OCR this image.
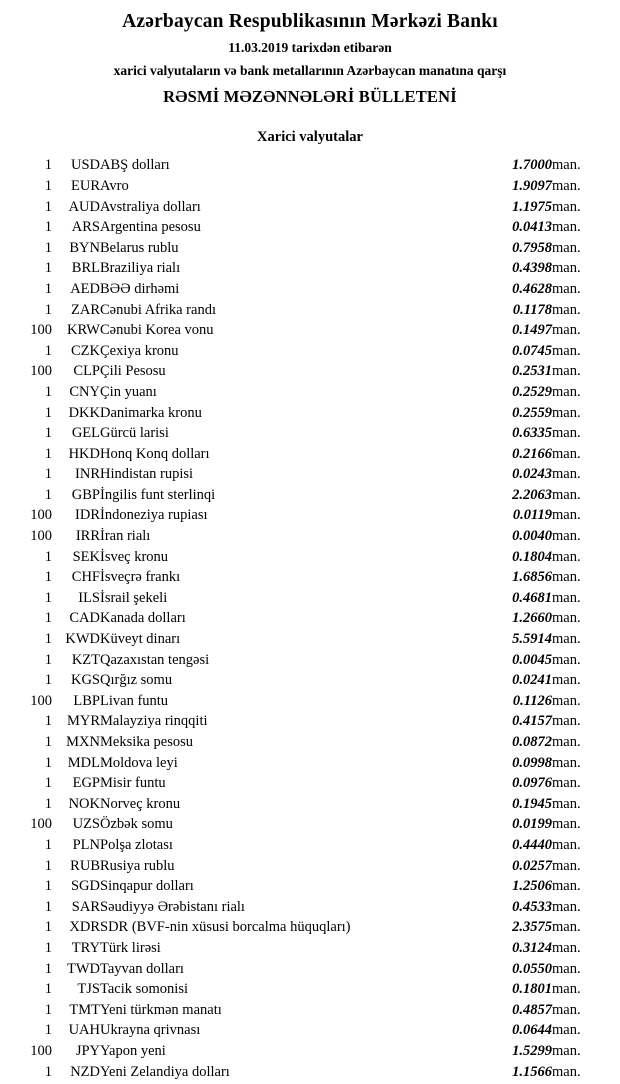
Azərbaycan Respublikasının Mərkəzi Bankı
11.03.2019 tarixdən etibarən
xarici valyutaların və bank metallarının Azərbaycan manatına qarşı
RƏSMİ MƏZƏNNƏLƏRİ BÜLLETENİ
Xarici valyutalar
1	USD	ABŞ dolları	1.7000	man.
1	EUR	Avro	1.9097	man.
1	AUD	Avstraliya dolları	1.1975	man.
1	ARS	Argentina pesosu	0.0413	man.
1	BYN	Belarus rublu	0.7958	man.
1	BRL	Braziliya rialı	0.4398	man.
1	AED	BƏƏ dirhəmi	0.4628	man.
1	ZAR	Cənubi Afrika randı	0.1178	man.
100	KRW	Cənubi Korea vonu	0.1497	man.
1	CZK	Çexiya kronu	0.0745	man.
100	CLP	Çili Pesosu	0.2531	man.
1	CNY	Çin yuanı	0.2529	man.
1	DKK	Danimarka kronu	0.2559	man.
1	GEL	Gürcü larisi	0.6335	man.
1	HKD	Honq Konq dolları	0.2166	man.
1	INR	Hindistan rupisi	0.0243	man.
1	GBP	İngilis funt sterlinqi	2.2063	man.
100	IDR	İndoneziya rupiası	0.0119	man.
100	IRR	İran rialı	0.0040	man.
1	SEK	İsveç kronu	0.1804	man.
1	CHF	İsveçrə frankı	1.6856	man.
1	ILS	İsrail şekeli	0.4681	man.
1	CAD	Kanada dolları	1.2660	man.
1	KWD	Küveyt dinarı	5.5914	man.
1	KZT	Qazaxıstan tengəsi	0.0045	man.
1	KGS	Qırğız somu	0.0241	man.
100	LBP	Livan funtu	0.1126	man.
1	MYR	Malayziya rinqqiti	0.4157	man.
1	MXN	Meksika pesosu	0.0872	man.
1	MDL	Moldova leyi	0.0998	man.
1	EGP	Misir funtu	0.0976	man.
1	NOK	Norveç kronu	0.1945	man.
100	UZS	Özbək somu	0.0199	man.
1	PLN	Polşa zlotası	0.4440	man.
1	RUB	Rusiya rublu	0.0257	man.
1	SGD	Sinqapur dolları	1.2506	man.
1	SAR	Səudiyyə Ərəbistanı rialı	0.4533	man.
1	XDR	SDR (BVF-nin xüsusi borcalma hüquqları)	2.3575	man.
1	TRY	Türk lirəsi	0.3124	man.
1	TWD	Tayvan dolları	0.0550	man.
1	TJS	Tacik somonisi	0.1801	man.
1	TMT	Yeni türkmən manatı	0.4857	man.
1	UAH	Ukrayna qrivnası	0.0644	man.
100	JPY	Yapon yeni	1.5299	man.
1	NZD	Yeni Zelandiya dolları	1.1566	man.
